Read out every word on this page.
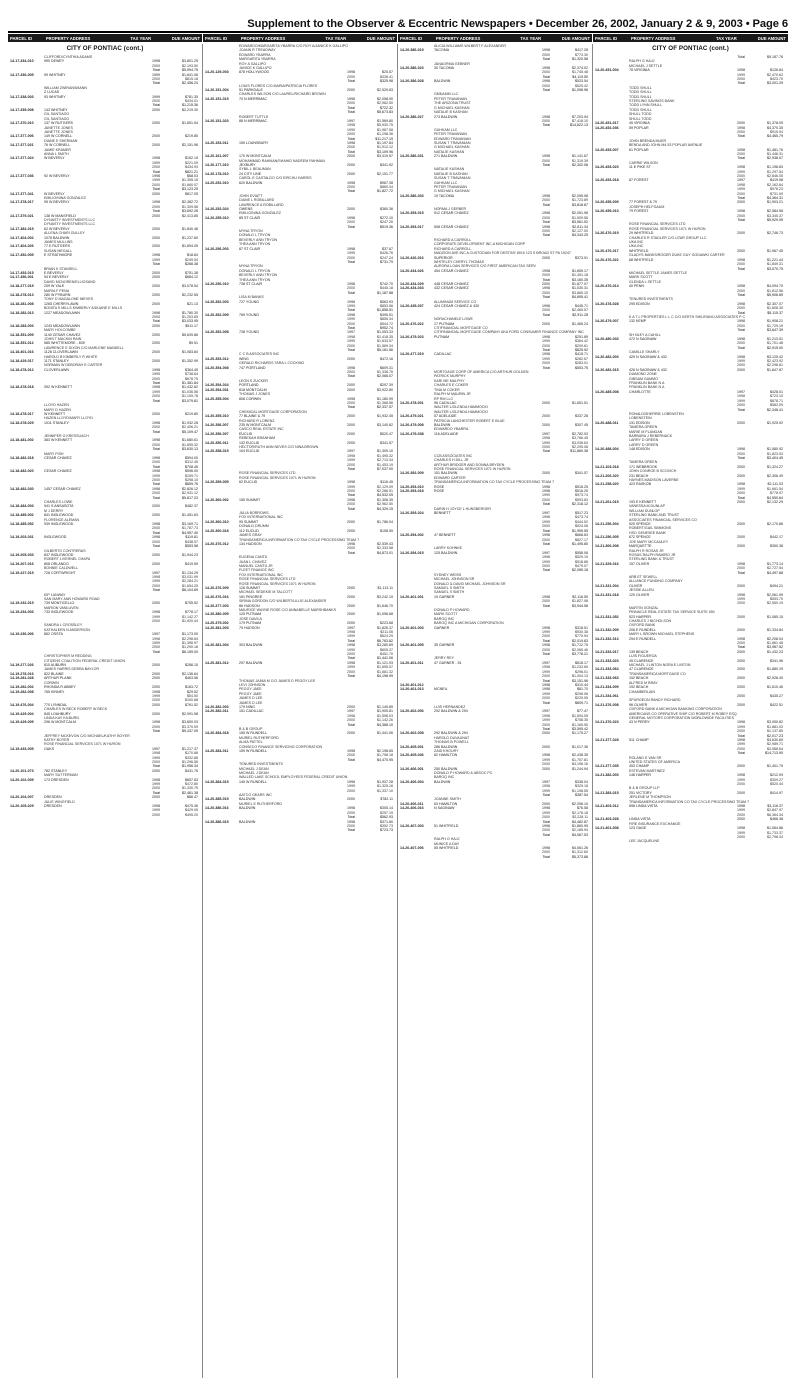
Supplement to the Observer & Eccentric Newspapers • December 26, 2002, January 2 & 9, 2003 • Page 6
PARCEL ID	PROPERTY ADDRESS	TAX YEAR	DUE AMOUNT PARCEL ID	PROPERTY ADDRESS	TAX YEAR	DUE AMOUNT PARCEL ID	PROPERTY ADDRESS	TAX YEAR	DUE AMOUNT PARCEL ID	PROPERTY ADDRESS	TAX YEAR	DUE AMOUNT
CITY OF PONTIAC (cont.)
CLIFFORD/CYNTHIA ADAMS
14-17-334-010	990 DEWEY	1998	$3,801.25
2000	$2,193.50
Total	$5,994.75
14-17-336-005	99 WHITNEY	1999	$1,641.06
2000	$815.18
Total	$2,456.24
WILLIAM ZWIRANSMANN
Z LUCAS
14-17-338-003	93 WHITNEY	1999	$781.35
2000	$434.01
Total	$1,215.36
14-17-339-008	143 WHITNEY	2000	$2,219.30
GIL SANTIAGO
GIL SANTIAGO
14-17-370-010	137 W RUTGERS	2000	$1,651.54
JANETTE JONES
JANETTE JONES
14-17-377-006	149 W CORNELL	2000	$219.85
DIANE E SHERMAN
14-17-377-021	76 W CORNELL	2000	$2,151.96
JAMIE KRAMER
ANNA L SMITH
14-17-377-024	W BEVERLY	1998	$152.19
1999	$221.09
2000	$434.93
Total	$821.21
14-17-377-036	92 W BEVERLY	1998	$68.03
1999	$1,395.15
2000	$1,660.07
Total	$3,123.25
14-17-377-041	W BEVERLY	2000	$817.05
EMILIO/NINA GONZALEZ
14-17-378-017	95 W BEVERLY	1998	$2,382.72
2000	$1,309.56
Total	$3,692.28
14-17-379-021	138 W MANSFIELD	2000	$2,413.85
DYNASTY INVESTMENTS LLC
DYNASTY INVESTMENTS LLC
14-17-382-015	62 W BEVERLY	2000	$1,840.48
ALLENA CHARI GULLEY
14-17-404-002	1078 BALDWIN	2000	$1,237.60
JAMES MULLINS
14-17-404-026	77 E RUTGERS	2000	$1,694.05
SUSAN MEGALL
14-17-452-005	E STRATHMORE	1998	$18.84
1999	$249.54
Total	$268.38
BRIAN K STANSELL
14-17-453-015	E BEVERLY	2000	$751.38
14-17-456-001	94 E BEVERLY	2000	$684.12
DAVID MCNOREN/ELLIOSAND
14-18-277-015	209 W YALE	2000	$3,078.54
MARIA F PENA
14-18-278-013	280 W PYBURN	2000	$2,232.55
TONY D MAGALONE NIEVES
14-18-281-008	1265 CHERRYLAWN	2000	$21.13
BONITA S MILLS KIMBERLY A/DUANE E MILLS
14-18-282-013	1227 MEADOWLAWN	1998	$1,780.30
2000	$1,253.65
Total	$3,033.95
14-18-283-003	1243 MEADOWLAWN	2000	$511.17
MARY HOLCOMBE
14-18-351-009	1140 CESAR CHAVEZ	2000	$5,639.86
JOHN T MACKIN RAIN
14-18-351-012	585 WHITTEMORE - 839	2000	$9.51
LAWRENCE E DIXON C/O MARLENE MANDELL
14-18-401-016	1128 CLOVERLAWN	2000	$1,083.84
HAROLD B KIMBERLY R WHITE
14-18-429-017	1171 STANLEY	2000	$1,352.99
NORMAN W DEBORAH E CARTER
14-18-478-012	CLOVERLAWN	1998	$364.45
1999	$738.64
2000	$678.75
Total	$1,381.84
14-18-478-018	392 W KENNETT	1998	$1,432.62
1999	$1,036.56
2000	$1,109.78
Total	$3,079.81
LLOYD HAZEN
MARY D HAZEN
14-18-478-017	W KENNETT	2000	$219.80
HAZEN LLOYD/MARY LLOYD
14-18-478-029	1011 STANLEY	1998	$1,932.28
2000	$2,406.21
Total	$5,109.47
JENNIFER G KRESSUACH
14-18-481-002	383 W KENNETT	1998	$1,680.61
2000	$1,895.32
Total	$3,630.13
MARY FISH
14-18-482-018	CESAR CHAVEZ	1998	$594.00
2000	$312.45
Total	$708.45
14-18-482-020	CESAR CHAVEZ	1998	$596.00
1999	$159.71
2000	$298.10
Total	$659.76
14-18-482-030	1457 CESAR CHAVEZ	1998	$2,826.12
2000	$2,931.12
Total	$5,817.23
CHARLES LOWE
14-18-484-003	941 S ANSASOTA	2000	$482.37
M J DERRY
14-18-485-002	841 INGLEWOOD	2000	$1,451.63
FLORENCE ALEMAN
14-18-485-052	939 INGLEWOOD	1998	$3,169.71
2000	$1,787.73
Total	$4,957.40
14-19-203-031	INGLEWOOD	1998	$119.81
2000	$438.97
Total	$553.58
GILBERTO CONTRERAS
14-19-205-033	837 INGLEWOOD	2000	$1,944.23
ROBERT L/VERNEL CHAPA
14-19-207-016	808 ORLANDO	2000	$419.59
BONNIE CALDWELL
14-19-227-015	728 CORTWRIGHT	1997	$1,134.29
1998	$3,031.99
1999	$2,284.21
2000	$1,654.25
Total	$8,104.69
KIP LANWAY
SAN MARY ANN HOWARD ROAD
14-19-232-015	739 MONTICELLO	2000	$755.52
MARION VANLUVEN
14-19-234-003	733 INGLEWOOD	1998	$778.17
1999	$1,142.27
2000	$1,920.44
SANDRA L CROSSLEY
KATHALEEN N ANDERSON
14-19-236-006	862 OSSTA	1997	$1,173.00
1998	$2,298.84
1999	$1,396.97
2000	$1,290.18
Total	$6,159.00
CHRISTOPHER M REDDING
CITIZENS COALITION FEDERAL CREDIT UNION
14-19-277-026	810 AUBURN	2000	$288.15
JAMES HARRIS DEBRA BAYLOR
14-19-278-016	822 BLAINE	2000	$2,136.64
14-19-281-028	ARTHUR PLANK	2000	$463.56
CORWIN
14-19-282-002	RHONDA R ABBEY	2000	$163.72
14-19-282-008	765 KINNEY	1998	$29.52
1999	$54.50
2000	$100.88
14-19-476-004	770 LYNNDAL	2000	$761.52
CHARLES W BECK ROBERT W BECK
14-19-429-004	845 LOAHBURY	2000	$2,091.58
LINDA KAY KILBURN
14-19-429-005	296 W MONTCALM	1998	$3,800.03
2000	$3,370.09
Total	$5,437.09
JEFFREY MCKEVON C/O MICHAEL/KATHY BOYER
KATHY BOYER
ROSE FINANCIAL SERVICES 1071 W HURON
14-19-433-005	OAKS	1997	$1,217.37
1998	$170.88
1999	$332.88
2000	$1,296.56
Total	$1,956.34
14-20-101-073	782 STANLEY	2000	$431.76
MARY SUTTERMAN
14-20-102-009	173 DRESDEN	1998	$657.83
1999	$472.80
2000	$1,330.75
Total	$2,461.38
14-20-104-007	DRESDEN	2000	$86.47
JULIE WINGFIELD
14-20-105-029	DRESDEN	1998	$475.36
1999	$429.05
2000	$495.20
EDWARDO/MARGARITA YBARRA C/O ROY A/JANICE K GALLIPO
JOANN R TREADWAY
EDWARD YBARRA
MARGARITA YBARRA
ROY A GALLIPO
JANICE K GALLIPO
14-20-129-003	878 HOLLYWOOD	1998	$25.57
2000	$336.41
Total	$325.98
LOUIS FLORES C/O MARIA/PATRICIA FLORES
14-20-151-004	51 PARKDALE	2000	$2,529.83
CHARLES WILSON C/O LAUREL/RICHARD BROWN
14-20-151-015	70 N MERRIMAC	1998	$2,058.90
2000	$2,962.50
Total	$722.32
Total	$5,673.83
ROBERT TUTTLE
14-20-151-023	88 N MERRIMAC	1997	$1,569.80
1998	$5,930.75
1999	$1,967.58
2000	$1,298.36
Total	$11,217.19
14-20-153-011	150 LOUNSBURY	1998	$1,197.84
2000	$1,912.12
Total	$3,109.96
14-20-161-007	170 W MONTCALM	2000	$3,419.57
MOHAMMAD RAHMAN/SHAHID NADEEM RAHMAN
14-20-177-010	JEXBURY	2000	$341.92
SYBIL L BEAUMAN
14-20-178-010	24 CITY LINE	2000	$2,151.77
CAROL E CASTALDO C/O EIRCHU HARRIS
14-20-252-010	620 BALDWIN	1998	$967.38
2000	$860.34
Total	$1,827.72
JOHN DVIATT
DIANE L ROBILLARD
LAWRENCE A ROBILLARD
14-20-252-024	OWENS	2000	$360.36
EMILIO/NINA GONZALEZ
14-20-255-010	85 ST CLAIR	1998	$272.10
2000	$247.26
Total	$519.36
MYNA TRYON
DONALD L TRYON
BEVERLY ANN TRYON
THEA ANN TRYON
14-20-256-003	87 ST CLAIR	1998	$37.67
1999	$426.76
2000	$247.24
Total	$731.79
MYNA TRYON
DONALD L TRYON
BEVERLY ANN TRYON
THEA ANN TRYON
14-20-256-010	738 ST CLAIR	1998	$742.70
2000	$445.18
Total	$1,187.88
LISA M BANKS
14-20-352-003	727 YOUNG	1998	$563.93
1999	$853.56
Total	$1,858.51
14-20-352-009	769 YOUNG	1998	$395.51
1999	$855.34
2000	$544.72
Total	$952.74
14-20-352-008	738 YOUNG	1997	$1,053.33
1998	$1,418.35
1999	$1,633.57
2000	$1,569.34
Total	$5,161.56
C C B ASSOCIATES INC
14-20-353-012	WING	2000	$472.16
GERALD RICHARDS TARA L COCKING
14-20-354-008	747 PORTLAND	1998	$609.31
2000	$1,338.76
Total	$2,066.07
LEON S ZUCKER
14-20-354-024	PORTLAND	2000	$297.39
14-20-354-031	818 MONTCALM	2000	$3,922.80
THOMAS J JONES
14-20-355-004	808 CORWIN	1998	$1,180.99
2000	$1,368.56
Total	$2,337.57
CHEMICAL MORTGAGE CORPORATION
14-20-355-010	77 BLAINE & 79	2000	$1,932.45
RICHARD R LORENZ
14-20-356-007	235 W MONTCALM	2000	$3,140.62
CASCO REAL ESTATE INC
14-20-356-007	EUCLID	2000	$520.47
REBEKAH BRANHAM
14-20-356-011	132 EUCLID	2000	$341.57
HECTOR/RUTH ANN NEVES C/O NINA BROWN
14-20-358-015	104 EUCLID	1997	$1,309.10
1998	$1,495.32
1999	$2,713.34
2000	$1,453.19
Total	$7,037.00
ROSE FINANCIAL SERVICES LTD
ROSE FINANCIAL SERVICES 1071 W HURON
14-20-359-005	62 EUCLID	1998	$116.45
1999	$2,129.09
2000	$2,286.51
Total	$4,532.05
14-20-360-002	155 SUMMIT	1998	$1,306.35
2000	$2,962.50
Total	$4,329.15
JULIA BORROWS
FOX INTERNATIONAL INC
14-20-360-010	95 SUMMIT	2000	$1,786.04
DONALD DRUMM
14-20-360-018	112 EUCLID	2000	$158.59
JAMES GRAY
TRANSAMERICA INFORMATION CO TAX CYCLE PROCESSING TEAM 7
14-20-376-012	134 HUDSON	1998	$2,539.43
2000	$2,333.58
Total	$4,873.01
EUGENA CANTU
JUAN L CHAVEZ
MANUEL CANTU JR
FLEET FINANCE INC
FOX INTERNATIONAL INC
ROSE FINANCIAL SERVICES LTD
ROSE FINANCIAL SERVICES 1071 W HURON
14-20-376-009	126 SUMMIT	2000	$1,113.11
MICHAEL SEDEKIE M TALCOTT
14-20-376-016	181 PINGREE	2000	$3,242.19
SIRINA GORDON C/O WILBERT/LILLIE ALEXANDER
14-20-377-003	86 HUDSON	2000	$1,646.70
MAURICE WAYNE ROSE C/O ANNABELLE MARSHBANKS
14-20-380-005	125 PUTNAM	2000	$1,096.68
JOSE DAVILA
14-20-379-002	179 PUTNAM	2000	$223.68
14-20-381-003	79 HUDSON	1997	$1,826.37
1998	$211.06
1999	$624.29
Total	$6,763.82
14-20-381-004	303 BALDWIN	1998	$3,280.69
1999	$605.37
2000	$451.70
Total	$1,441.06
14-20-381-012	297 BALDWIN	1998	$1,121.93
1999	$1,655.57
2000	$1,681.32
Total	$4,198.99
THOMAS JAMIA M C/O JAMES D PEGGY LEE
LEVI JOHNSON
PEGGY JAEE
PEGGY JAEE
JAMES D LEE
JAMES D LEE
14-20-382-003	179 NING	2000	$1,140.89
14-20-382-011	151 CADILLAC	1997	$1,905.81
1998	$1,598.03
2000	$1,142.26
Total	$4,368.10
B & B GROUP
14-20-384-018	155 W RUNDELL	2000	$1,441.06
MURIEL RUTHERFORD
ALMA PATTEL
CONSECO FINANCE SERVICING CORPORATION
14-20-384-011	159 W RUNDELL	1998	$2,198.65
2000	$1,798.18
Total	$4,470.95
TENURED INVESTMENTS
MICHAEL J DEAN
MICHAEL J DEAN
WALLED LAKE SCHOOL EMPLOYEES FEDERAL CREDIT UNION
14-20-384-015	145 W RUNDELL	1998	$1,937.28
1999	$1,325.16
2000	$1,337.10
AATCO GEARS INC
14-20-385-015	BALDWIN	2000	$782.11
MURIEL E RUTHERFORD
14-20-386-016	BALDWIN	1998	$305.14
2000	$257.19
Total	$562.93
14-20-386-015	BALDWIN	1998	$371.80
2000	$352.73
Total	$723.73
ALICIA WILLIAMS WILBERT F ALEXANDER
14-20-386-019	TACOMA	1998	$417.28
2000	$773.30
Total	$1,320.58
JANAORMA GEBNER
14-20-386-023	30 TACOMA	1998	$2,374.02
2000	$1,745.48
Total	$4,119.50
14-20-386-028	BALDWIN	1998	$533.54
2000	$525.42
Total	$1,058.96
GMKAMM LLC
PETER TRAVANIAN
THE ARIZONA TRUST
G MICHAEL KASHAN
NATALIE B KASHAN
14-20-386-027	273 BALDWIN	1998	$7,203.94
2000	$7,418.10
Total	$14,622.13
GUHKAM LLC
PETER TRAVANIAN
EDWARD TRAVANIAN
SUSAN T TRAVANIAN
G MICHAEL KASHAN
NATALIE KASHAN
14-20-386-031	271 BALDWIN	1998	$1,141.67
2000	$1,319.39
Total	$2,302.06
NATALIE KASHAN
NATALIE B KASHAN
SUSAN T TRAVANIAN
GUHKAM LLC
PETER TRAVANIAN
G MICHAEL KASHAN
14-20-386-033	19 TACOMA	1998	$2,095.98
2000	$1,723.89
Total	$3,818.87
NORMA J GERBER
14-20-393-015	512 CESAR CHAVEZ	1998	$2,051.96
2000	$1,509.56
Total	$3,561.52
14-20-393-017	508 CESAR CHAVEZ	1998	$2,811.34
2000	$2,127.00
Total	$4,343.25
RICHARD A CARROLL
CORPORATE DEVELOPMENT INC A MICHIGAN CORP
RICHARD A CARROLL
MADISON AVE INC A CUSTODIAN FOR DESTINY 8010 123 S BROAD ST PA 19247
14-20-426-016	SUPERIOR	2000	$373.91
WHITELEY CHERYL THOMAS
AURORA LOAN SERVICES C/O FIRST AMERICAN TAX SERV
14-20-434-026	454 CESAR CHAVEZ	1998	$1,659.17
2000	$1,491.18
Total	$3,160.35
14-20-434-029	448 CESAR CHAVEZ	2000	$1,877.07
14-20-434-033	432 CESAR CHAVEZ	1998	$1,030.31
2000	$3,865.10
Total	$4,895.41
ALUMINUM SERVICE CO
14-20-435-037	424 CESAR CHAVEZ & 430	1998	$445.71
2000	$2,465.57
Total	$2,911.28
NORACHANELE LOWE
14-20-476-022	17 PUTNAM	2000	$1,465.24
CITIFINANCIAL MORTGAGE CO
CITIFINANCIAL MORTGAGE COMPANY AKA FORD CONSUMER FINANCE COMPANY INC
14-20-479-023	PUTNAM	1998	$251.89
1999	$364.42
2000	$209.61
Total	$825.92
14-20-477-019	CADILLAC	1998	$415.71
1999	$282.67
2000	$283.01
Total	$553.75
MORTGAGE CORP OF AMERICA C/O ARTHUR GOLDEN
PATRICK MURPHY
KARI ME MALPHY
CHARLES E COKER
TINA M COKER
RALPH M MAURIN JR
RP RM LLC
14-20-478-001	96 CADILLAC	2000	$1,651.51
WALTER L/GLENDA HAMMOCKI
WALTER L/GLENDA HAMMOCKI
14-20-479-021	57 ADELAIDE	2000	$337.28
PATRICIA LANCHESTER ROBERT E BLUE
14-20-479-008	BALDWIN	2000	$307.45
EDWARDO YBARRA
14-20-479-038	116 ADELAIDE	1997	$2,782.03
1998	$3,766.45
1999	$3,036.63
2000	$2,295.08
Total	$11,860.38
CCB ASSOCIATES INC
CHARLES H DILL JR
ARTHUR BRIDGER AND DONNA BRYDEN
ROSE FINANCIAL SERVICES 1071 W HURON
14-20-392-009	151 BALDWIN	2000	$341.57
EDWARD CARTER
TRANSAMERICA INFORMATION CO TAX CYCLE PROCESSING TEAM 7
14-20-393-010	ROSE	1998	$516.25
14-20-393-018	ROSE	1998	$516.25
1999	$973.74
2000	$593.83
Total	$2,318.12
DARIN H JOYCE L HUNSBERGER
14-20-393-024	BENNETT	1997	$517.23
1998	$473.74
1999	$444.52
2000	$524.06
Total	$1,959.55
14-20-394-002	47 BENNETT	1998	$668.63
2000	$827.17
Total	$1,495.80
LARRY KOHNKE
14-20-394-015	125 BALDWIN	1997	$558.06
1998	$529.19
1999	$518.86
2000	$479.07
Total	$2,085.18
SYDNEY WEISS
MICHAEL JOHNSON SR
DONALD & DAVID MICHAEL JOHNSON SR
SAMUEL S SMITH
SAMUEL S SMITH
14-20-401-001	19 GARNER	1998	$2,116.59
2000	$1,827.98
Total	$3,944.56
DONALD P HOWARD
MARK SCOTT
BAROQ INC
BAROQ INC A MICHIGAN CORPORATION
14-20-401-003	GARNER	1998	$318.51
1999	$930.38
2000	$770.94
Total	$2,019.83
14-20-401-005	35 GARNER	1998	$1,712.75
2000	$2,065.46
Total	$3,778.21
JERRY REY
14-20-401-011	47 GARNER - 51	1997	$618.17
1998	$1,233.65
1999	$296.01
2000	$1,004.13
Total	$3,151.96
14-20-401-012	1998	$310.44
14-20-401-013	MCNEIL	1998	$81.70
1999	$298.06
2000	$229.95
Total	$609.71
LUIS HERNANDEZ
14-20-402-006	292 BALDWIN & 294	1997	$77.47
1998	$1,594.05
1999	$758.35
2000	$1,165.55
Total	$3,595.42
14-20-402-008	292 BALDWIN & 294	2000	$1,175.27
HAROLD DUVAUNAT
THOMAS B POWELL
14-20-405-001	286 BALDWIN	2000	$1,017.36
ZAID KHOURY
14-20-405-046	62 HAMILTON	1998	$2,438.35
1999	$1,757.81
2000	$4,196.16
14-20-406-001	250 BALDWIN	2000	$1,244.94
DONALD P HOWARD & ABSOC PC
BAROQ INC
14-20-406-004	BALDWIN	1997	$338.04
1998	$329.18
1999	$1,198.55
Total	$387.54
JOANNE SMITH
14-20-406-011	63 HAMILTON	2000	$2,096.10
14-20-406-016	N SAGINAW	1998	$76.58
1999	$2,178.18
2000	$2,228.11
Total	$4,482.87
14-20-407-003	51 WHITFIELD	1998	$1,860.95
2000	$2,185.94
Total	$4,067.53
RALPH G HAJJ
MUNICE A DAY
14-20-407-006	55 WHITFIELD	1998	$4,061.26
2000	$1,312.60
Total	$5,373.86
CITY OF PONTIAC (cont.)
Total	$9,187.76
RALPH G HAJJ
MICHAEL J SETTLE
14-20-451-004	78 VIRGINIA	1998	$126.84
1999	$2,470.63
2000	$423.70
Total	$3,001.29
TODD SHULL
TODD SHULL
TODD SHULL
STERLING SAVINGS BANK
TODD LYNN SHULL
TODD SHULL
SHULL TODD
SHULL TODD
14-20-451-017	45 VIRGINIA	2000	$1,378.09
14-20-452-036	59 POPLAR	1998	$4,370.35
2000	$915.04
Total	$4,465.79
JOHN BRENDA MUER
BENDA AND JOHN M4 53 POPLAR AVENUE
14-20-453-007	61 POPLAR	1998	$1,481.76
2000	$1,446.31
Total	$2,938.07
CARRIE WILSON
14-20-453-023	11 E PIKE ST	1998	$1,198.83
1999	$1,297.54
2000	$2,846.05
14-20-453-018	87 FOREST	1997	$419.58
1998	$2,162.64
1999	$978.23
2000	$731.09
Total	$4,364.31
14-20-455-009	77 FOREST & 79	2000	$1,903.21
JOSEPH HELFGAUM
14-20-455-010	79 FOREST	1998	$2,584.58
2000	$3,345.37
Total	$5,929.95
ROSE FINANCIAL SERVICES LTD
ROSE FINANCIAL SERVICES 1071 W HURON
14-20-476-019	29 WHITFIELD	2000	$2,746.73
CHARLES R STADLER C/O UTAR GROUP LLC
UKA INC
UKA INC
14-20-476-017	WHITFIELD	2000	$1,967.45
GLADYS BANKS/ROGER DUKE GUY GODAWKI CARTER
14-20-476-022	68 WHITFIELD	1998	$1,221.44
2000	$1,849.31
Total	$3,070.75
MICHAEL SETTLE JAMES SETTLE
MARK SCOTT
GLENDA L SETTLE
14-20-476-014	40 PENN	1998	$4,094.70
2000	$1,812.56
Total	$5,906.89
TENURED INVESTMENTS
14-20-478-028	295 EDISON	1998	$2,307.07
2000	$1,808.30
Total	$5,115.37
K A T L PROPERTIES L L C C/O KERTH SHILIRANO ASSOCIATES P C
14-20-479-007	132 KEMP	1998	$1,908.21
2000	$1,729.19
Total	$3,647.39
SH NLEY A CAHILL
14-20-480-033	472 N SAGINAW	1998	$1,213.51
2000	$1,701.48
Total	$2,915.00
CAMILLE SHARLY
14-20-482-003	429 N SAGINAW & 432	1998	$3,125.42
1999	$2,423.92
2000	$2,298.61
14-20-482-015	426 N SAGINAW & 432	2000	$1,847.87
DIAMOND ZONE
GIBSAM GAMMO
FRANKLIN BANK N A
FRANKLIN BANK N A
14-20-485-008	CHARLOTTE	1997	$428.01
1998	$723.10
1999	$678.71
2000	$582.09
Total	$2,348.41
RONALD/SHERRIE LOBENSTEN
LOBENSTEIN
14-20-488-011	131 EDISON	2000	$1,925.92
TAMERA GREEN
MARIE M FLANGAN
BARBARA J REBERNACK
LARRY D GREEN
LARRY D GREEN
14-20-488-004	148 EDISON	1998	$1,580.92
2000	$1,823.53
Total	$3,404.45
TAMERA GREEN
14-21-103-018	171 WEBBROOK	2000	$1,324.27
JOHN CONROE B SCOVICH
14-21-206-020	231 BEACH	2000	$2,306.49
HAYNES MADISON LAVERNE
14-21-258-020	423 RASKOB	1998	$2,111.03
1999	$1,661.54
2000	$778.07
Total	$4,550.64
14-21-261-015	193 E KENNETT	2000	$2,132.29
VANESSA M DUNLAP
WILLIAM DUNLOP
STERLING BANK AND TRUST
ASSOCIATES FINANCIAL SERVICES CO
14-21-256-004	520 SPENCE	2000	$2,170.86
ROBERT/GAIL SIMMONS
HSO GENESEE BANK
14-21-256-005	672 SPENCE	2000	$442.17
JOE MARY MCCAULEY
14-21-306-008	MARQUETTE	2000	$350.38
RALPH R ROSAS JR
ROSAS RALPH RAMIRO JR
STERLING BANK & TRUST
14-21-329-016	157 OLIVER	1998	$1,773.14
2000	$2,727.54
Total	$4,497.68
ARB ET SEWELL
ALLIANCE FUNDING COMPANY
14-21-331-004	OLIVER	2000	$494.21
JESSIE ALLEN
14-21-331-018	120 OLIVER	1998	$2,061.99
1999	$553.70
2000	$2,550.19
MARTIN GONZAL
PINNACLE REAL ESTATE TAX SERVICE SUITE 450
14-21-331-052	523 HARPER	2000	$1,085.15
CHARLES J NICHOLSON
OXFORD BANK
14-21-332-009	206 E RUNDELL	2000	$1,334.84
MARY L BROWN MICHAEL STEPHENS
14-21-332-013	294 E RUNDELL	1998	$2,208.04
2000	$1,861.48
Total	$3,987.52
14-21-333-017	139 BEACH	2000	$1,432.23
LUIS FIGUEROA
14-21-333-023	45 CLARENCE	2000	$341.96
MICHAEL J LINTON NORA E LINTON
14-21-333-064	47 CLARENCE	2000	$1,880.29
TRANSAMERICA MORTGAGE CO
14-21-333-063	152 BEACH	2000	$2,928.40
ALFRED M BRAY
14-21-334-009	192 BEACH	2000	$1,610.46
CHAMBERLAIN
14-21-334-061	2000	$435.27
SPURGEON RANDY RICHARD
14-21-376-008	96 OLIVER	2000	$422.51
OXFORD BANK A MICHIGAN BANKING CORPORATION
AMERICANS CO OPERATIVE SHIP C/O ROBERT M ROBEY ESQ
GENERAL MOTORS CORPORATION WORLDWIDE FACILITIES
14-21-376-023	43 N PERRY	1998	$3,050.82
1999	$1,881.03
2000	$1,137.85
Total	$2,017.23
14-21-377-028	511 CHAMP	1998	$4,630.60
1999	$2,989.71
2000	$3,588.64
Total	$14,713.90
ROLAND E VAN SR
UNITED STATES OF AMERICA
14-21-377-035	453 CHAMP	2000	$1,401.75
ESTEVAN MARTINEZ
14-21-382-003	146 HARPER	1998	$212.09
1999	$309.27
2000	$520.44
B & B GROUP LLP
14-21-383-015	251 VICTORY	2000	$414.97
JERLENE M THOMPSON
TRANSAMERICA INFORMATION CO TAX CYCLE PROCESSING TEAM 7
14-21-403-012	698 LINDA VISTA	1998	$3,116.37
1999	$2,847.97
2000	$6,364.34
14-21-403-028	LINDA VISTA	2000	$466.38
FIRE INSURANCE EXCHANGE
14-21-401-008	123 OAGE	1998	$1,064.86
1999	$1,733.37
2000	$2,798.34
LEE JACQUELINE
